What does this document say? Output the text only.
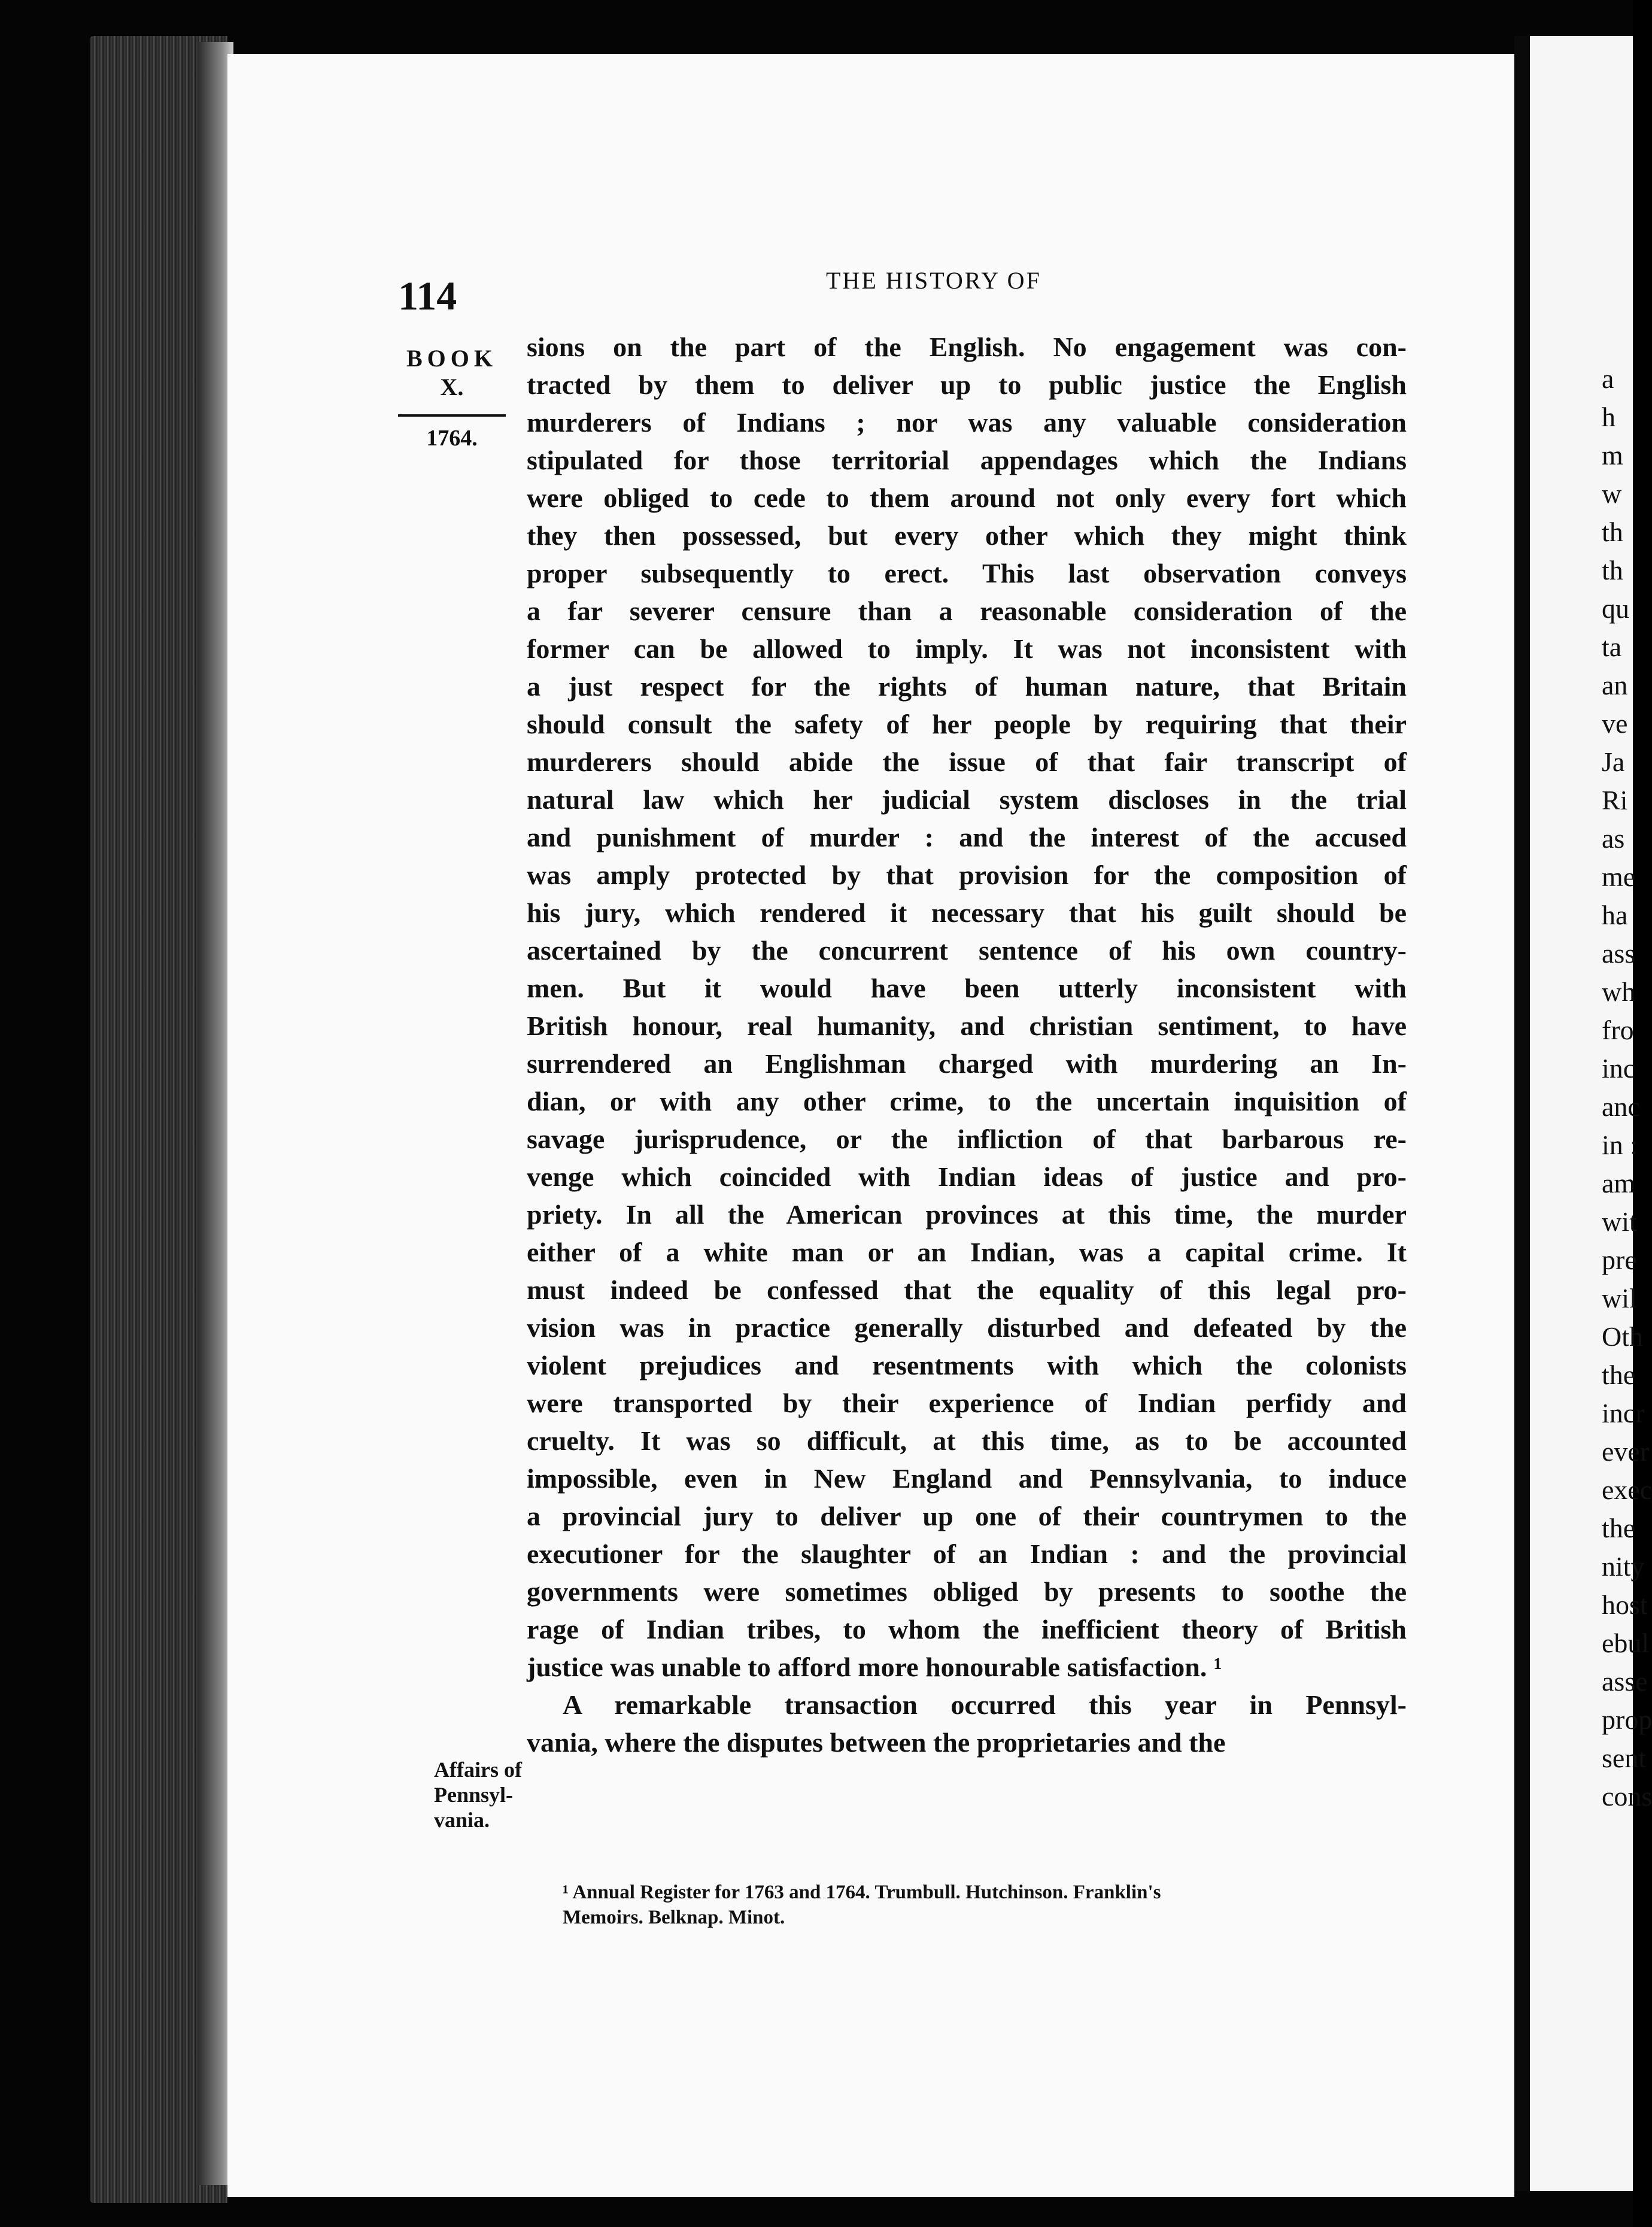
a
h
m
w
th
th
qu
ta
an
ve
Ja
Ri
as
me
ha
ass
wh
fro
inc
anc
in :
am
wit
pre
wil
Oth
the
incr
ever
exec
the
nity
host
ebul
asse
prop
sent
cons
114	THE HISTORY OF
BOOK
X.
1764.
sions on the part of the English. No engagement was con-
tracted by them to deliver up to public justice the English
murderers of Indians ; nor was any valuable consideration
stipulated for those territorial appendages which the Indians
were obliged to cede to them around not only every fort which
they then possessed, but every other which they might think
proper subsequently to erect. This last observation conveys
a far severer censure than a reasonable consideration of the
former can be allowed to imply. It was not inconsistent with
a just respect for the rights of human nature, that Britain
should consult the safety of her people by requiring that their
murderers should abide the issue of that fair transcript of
natural law which her judicial system discloses in the trial
and punishment of murder : and the interest of the accused
was amply protected by that provision for the composition of
his jury, which rendered it necessary that his guilt should be
ascertained by the concurrent sentence of his own country-
men. But it would have been utterly inconsistent with
British honour, real humanity, and christian sentiment, to have
surrendered an Englishman charged with murdering an In-
dian, or with any other crime, to the uncertain inquisition of
savage jurisprudence, or the infliction of that barbarous re-
venge which coincided with Indian ideas of justice and pro-
priety. In all the American provinces at this time, the murder
either of a white man or an Indian, was a capital crime. It
must indeed be confessed that the equality of this legal pro-
vision was in practice generally disturbed and defeated by the
violent prejudices and resentments with which the colonists
were transported by their experience of Indian perfidy and
cruelty. It was so difficult, at this time, as to be accounted
impossible, even in New England and Pennsylvania, to induce
a provincial jury to deliver up one of their countrymen to the
executioner for the slaughter of an Indian : and the provincial
governments were sometimes obliged by presents to soothe the
rage of Indian tribes, to whom the inefficient theory of British
justice was unable to afford more honourable satisfaction. ¹
A remarkable transaction occurred this year in Pennsyl-
vania, where the disputes between the proprietaries and the
Affairs of
Pennsyl-
vania.
¹ Annual Register for 1763 and 1764. Trumbull. Hutchinson. Franklin's
Memoirs. Belknap. Minot.
